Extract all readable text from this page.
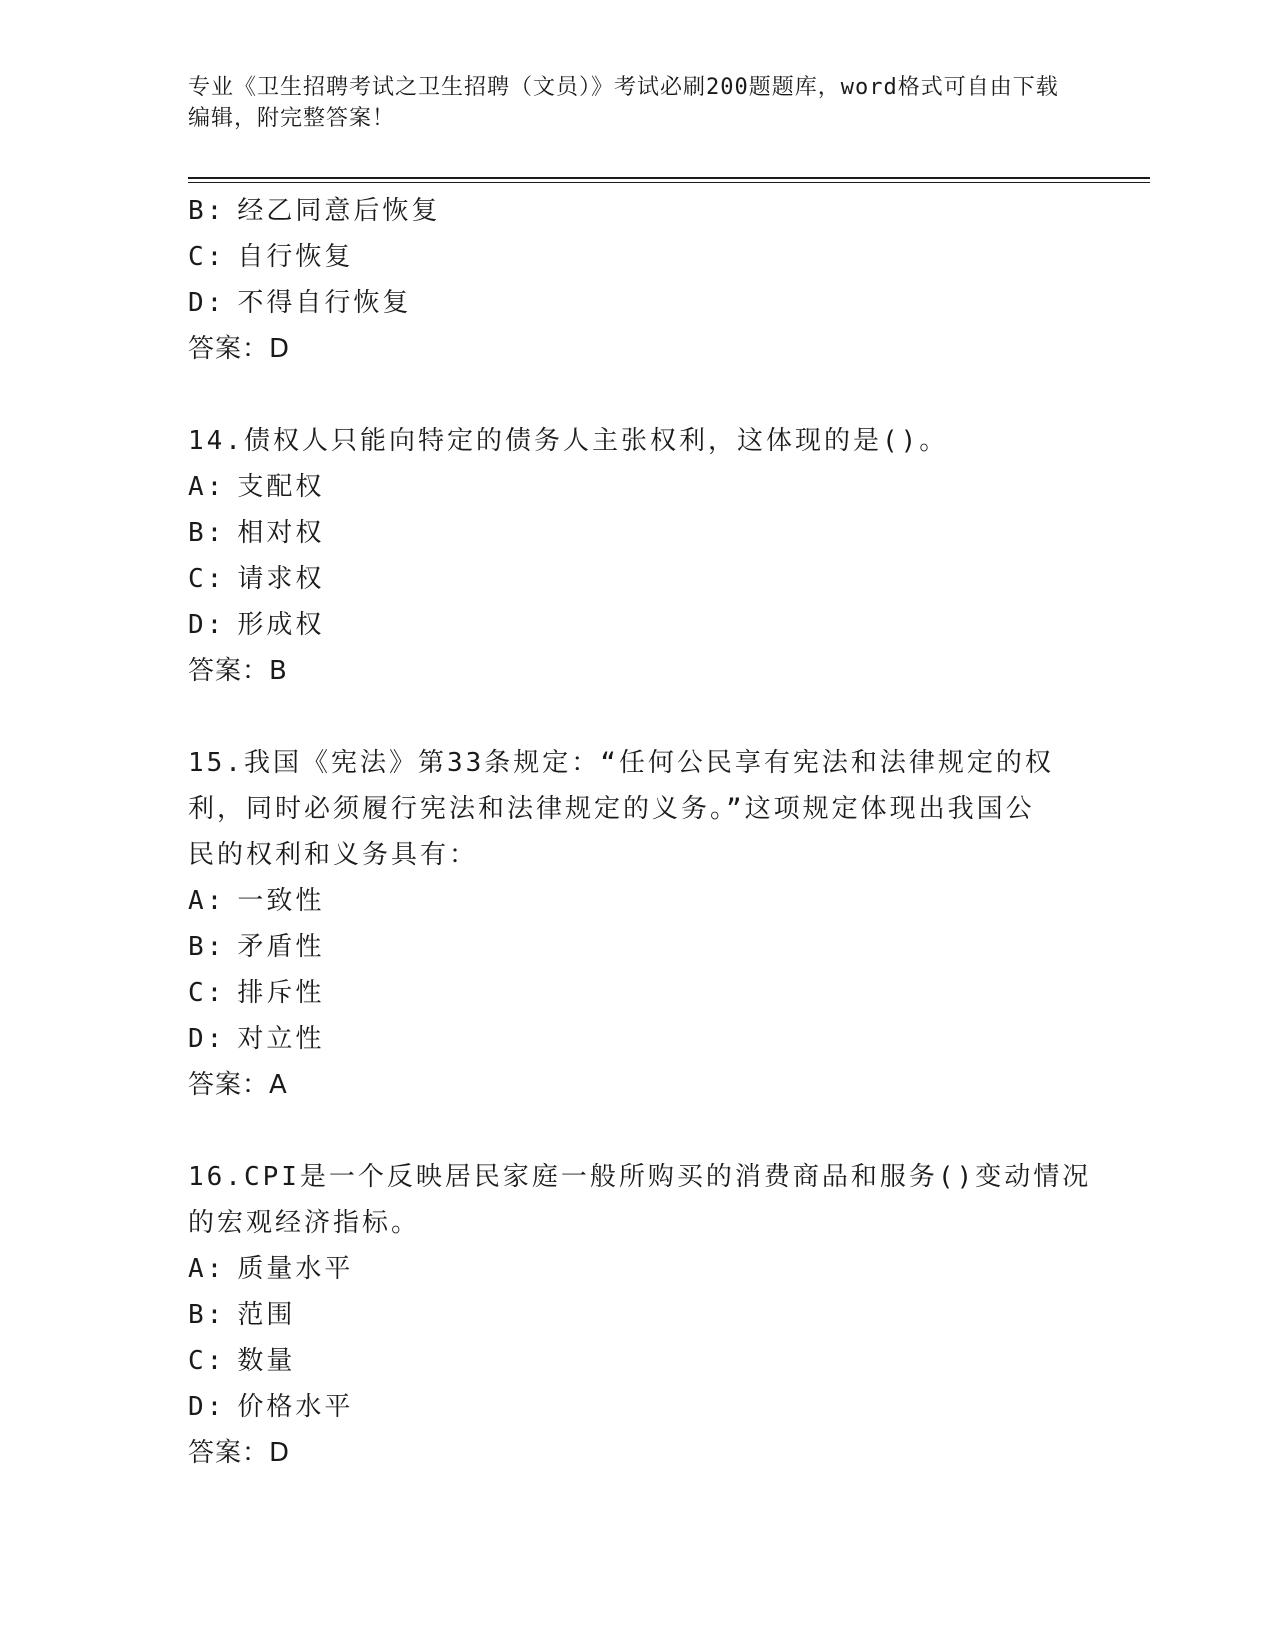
专业《卫生招聘考试之卫生招聘（文员）》考试必刷200题题库，word格式可自由下载编辑，附完整答案！
B: 经乙同意后恢复
C: 自行恢复
D: 不得自行恢复
答案：D
14.债权人只能向特定的债务人主张权利，这体现的是()。
A: 支配权
B: 相对权
C: 请求权
D: 形成权
答案：B
15.我国《宪法》第33条规定：“任何公民享有宪法和法律规定的权
利，同时必须履行宪法和法律规定的义务。”这项规定体现出我国公
民的权利和义务具有：
A: 一致性
B: 矛盾性
C: 排斥性
D: 对立性
答案：A
16.CPI是一个反映居民家庭一般所购买的消费商品和服务()变动情况
的宏观经济指标。
A: 质量水平
B: 范围
C: 数量
D: 价格水平
答案：D
